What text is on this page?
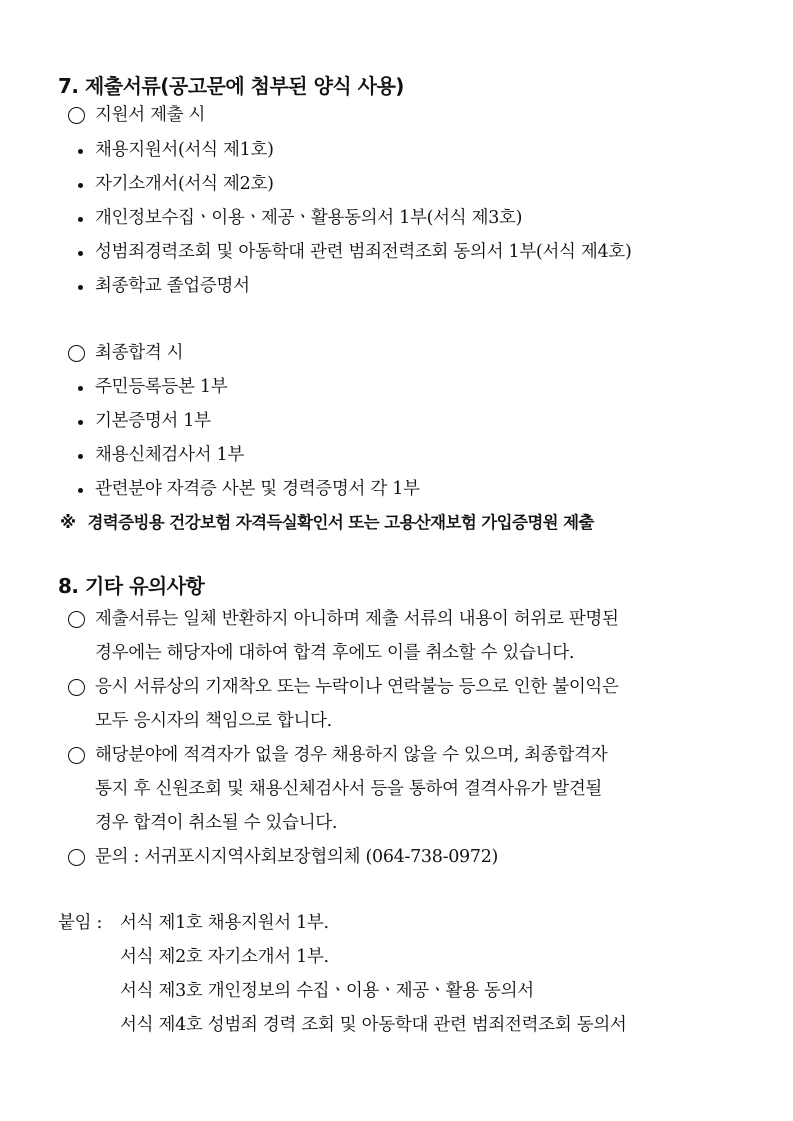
7. 제출서류(공고문에 첨부된 양식 사용)
지원서 제출 시
채용지원서(서식 제1호)
자기소개서(서식 제2호)
개인정보수집ㆍ이용ㆍ제공ㆍ활용동의서 1부(서식 제3호)
성범죄경력조회 및 아동학대 관련 범죄전력조회 동의서 1부(서식 제4호)
최종학교 졸업증명서
최종합격 시
주민등록등본 1부
기본증명서 1부
채용신체검사서 1부
관련분야 자격증 사본 및 경력증명서 각 1부
※ 경력증빙용 건강보험 자격득실확인서 또는 고용산재보험 가입증명원 제출
8. 기타 유의사항
제출서류는 일체 반환하지 아니하며 제출 서류의 내용이 허위로 판명된
경우에는 해당자에 대하여 합격 후에도 이를 취소할 수 있습니다.
응시 서류상의 기재착오 또는 누락이나 연락불능 등으로 인한 불이익은
모두 응시자의 책임으로 합니다.
해당분야에 적격자가 없을 경우 채용하지 않을 수 있으며, 최종합격자
통지 후 신원조회 및 채용신체검사서 등을 통하여 결격사유가 발견될
경우 합격이 취소될 수 있습니다.
문의 : 서귀포시지역사회보장협의체 (064-738-0972)
붙임 : 서식 제1호 채용지원서 1부.
서식 제2호 자기소개서 1부.
서식 제3호 개인정보의 수집ㆍ이용ㆍ제공ㆍ활용 동의서
서식 제4호 성범죄 경력 조회 및 아동학대 관련 범죄전력조회 동의서
